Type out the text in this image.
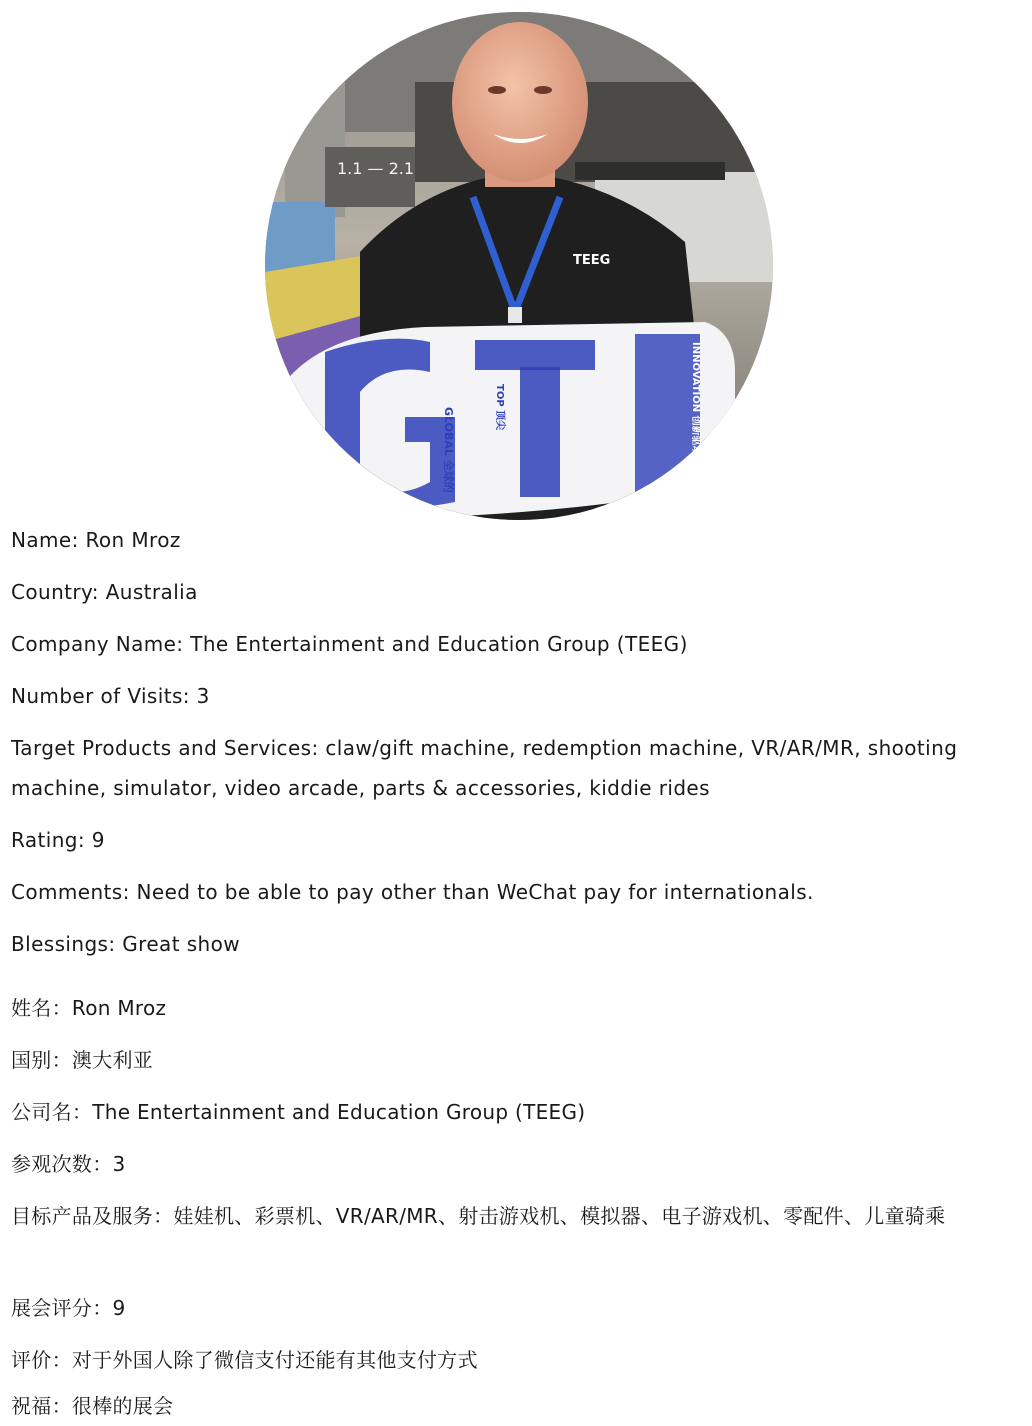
1.1 — 2.1
TEEG
GLOBAL 全球的	TOP 顶尖	INNOVATION 创新驱动
Name: Ron Mroz
Country: Australia
Company Name: The Entertainment and Education Group (TEEG)
Number of Visits: 3
Target Products and Services: claw/gift machine, redemption machine, VR/AR/MR, shooting machine, simulator, video arcade, parts & accessories, kiddie rides
Rating: 9
Comments: Need to be able to pay other than WeChat pay for internationals.
Blessings: Great show
姓名：Ron Mroz
国别：澳大利亚
公司名：The Entertainment and Education Group (TEEG)
参观次数：3
目标产品及服务：娃娃机、彩票机、VR/AR/MR、射击游戏机、模拟器、电子游戏机、零配件、儿童骑乘
展会评分：9
评价：对于外国人除了微信支付还能有其他支付方式
祝福：很棒的展会
